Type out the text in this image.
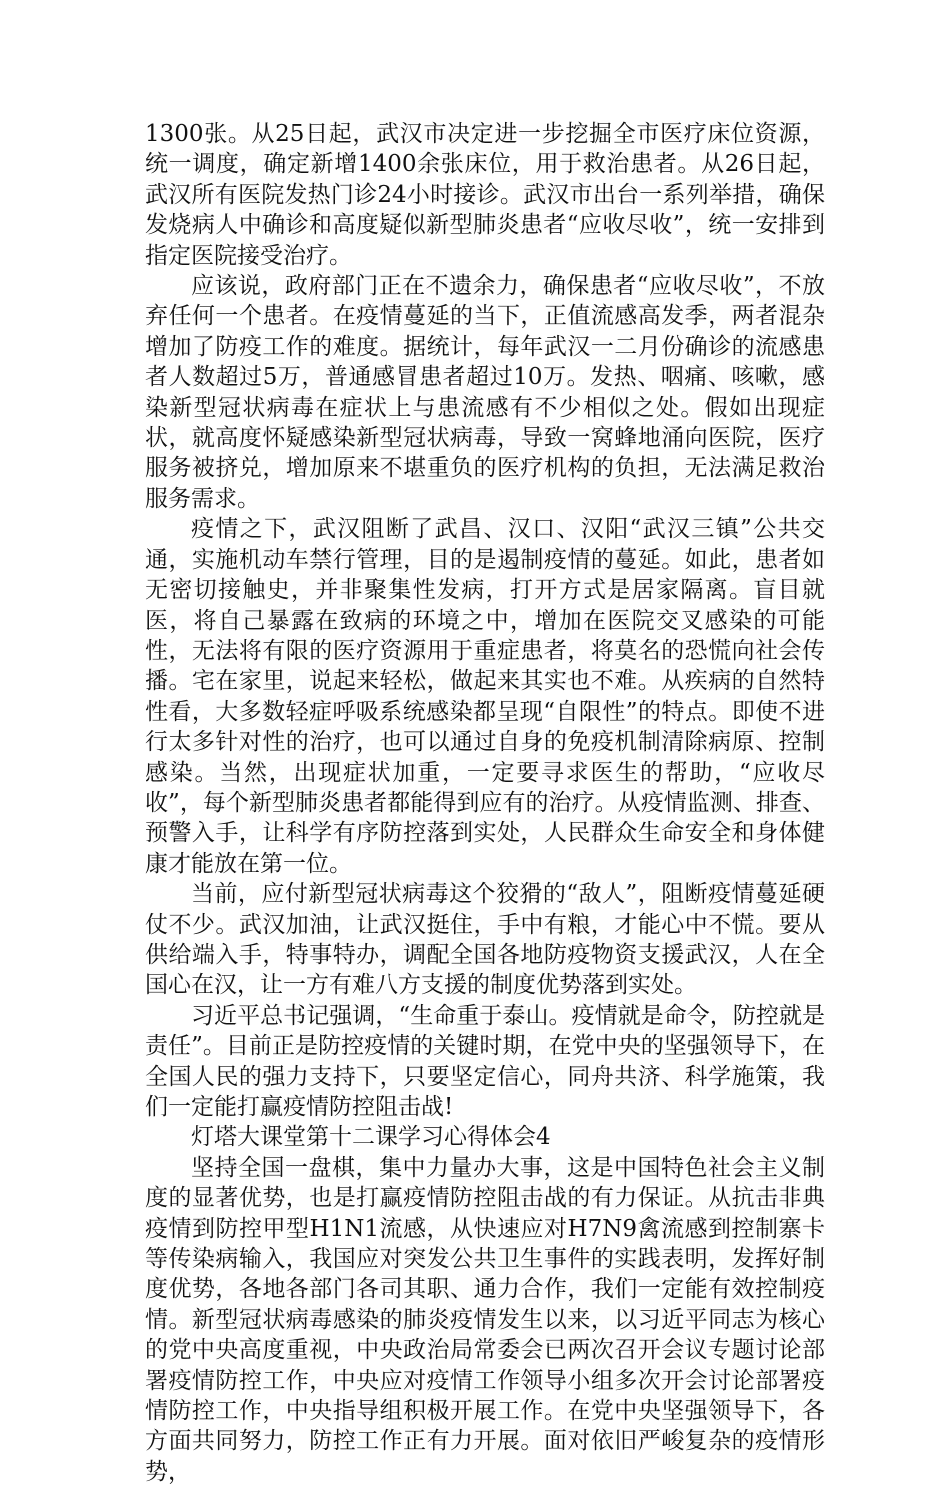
1300张。从25日起，武汉市决定进一步挖掘全市医疗床位资源，统一调度，确定新增1400余张床位，用于救治患者。从26日起，武汉所有医院发热门诊24小时接诊。武汉市出台一系列举措，确保发烧病人中确诊和高度疑似新型肺炎患者“应收尽收”，统一安排到指定医院接受治疗。

应该说，政府部门正在不遗余力，确保患者“应收尽收”，不放弃任何一个患者。在疫情蔓延的当下，正值流感高发季，两者混杂增加了防疫工作的难度。据统计，每年武汉一二月份确诊的流感患者人数超过5万，普通感冒患者超过10万。发热、咽痛、咳嗽，感染新型冠状病毒在症状上与患流感有不少相似之处。假如出现症状，就高度怀疑感染新型冠状病毒，导致一窝蜂地涌向医院，医疗服务被挤兑，增加原来不堪重负的医疗机构的负担，无法满足救治服务需求。

疫情之下，武汉阻断了武昌、汉口、汉阳“武汉三镇”公共交通，实施机动车禁行管理，目的是遏制疫情的蔓延。如此，患者如无密切接触史，并非聚集性发病，打开方式是居家隔离。盲目就医，将自己暴露在致病的环境之中，增加在医院交叉感染的可能性，无法将有限的医疗资源用于重症患者，将莫名的恐慌向社会传播。宅在家里，说起来轻松，做起来其实也不难。从疾病的自然特性看，大多数轻症呼吸系统感染都呈现“自限性”的特点。即使不进行太多针对性的治疗，也可以通过自身的免疫机制清除病原、控制感染。当然，出现症状加重，一定要寻求医生的帮助，“应收尽收”，每个新型肺炎患者都能得到应有的治疗。从疫情监测、排查、预警入手，让科学有序防控落到实处，人民群众生命安全和身体健康才能放在第一位。

当前，应付新型冠状病毒这个狡猾的“敌人”，阻断疫情蔓延硬仗不少。武汉加油，让武汉挺住，手中有粮，才能心中不慌。要从供给端入手，特事特办，调配全国各地防疫物资支援武汉，人在全国心在汉，让一方有难八方支援的制度优势落到实处。

习近平总书记强调，“生命重于泰山。疫情就是命令，防控就是责任”。目前正是防控疫情的关键时期，在党中央的坚强领导下，在全国人民的强力支持下，只要坚定信心，同舟共济、科学施策，我们一定能打赢疫情防控阻击战!

灯塔大课堂第十二课学习心得体会4

坚持全国一盘棋，集中力量办大事，这是中国特色社会主义制度的显著优势，也是打赢疫情防控阻击战的有力保证。从抗击非典疫情到防控甲型H1N1流感，从快速应对H7N9禽流感到控制寨卡等传染病输入，我国应对突发公共卫生事件的实践表明，发挥好制度优势，各地各部门各司其职、通力合作，我们一定能有效控制疫情。新型冠状病毒感染的肺炎疫情发生以来，以习近平同志为核心的党中央高度重视，中央政治局常委会已两次召开会议专题讨论部署疫情防控工作，中央应对疫情工作领导小组多次开会讨论部署疫情防控工作，中央指导组积极开展工作。在党中央坚强领导下，各方面共同努力，防控工作正有力开展。面对依旧严峻复杂的疫情形势，
